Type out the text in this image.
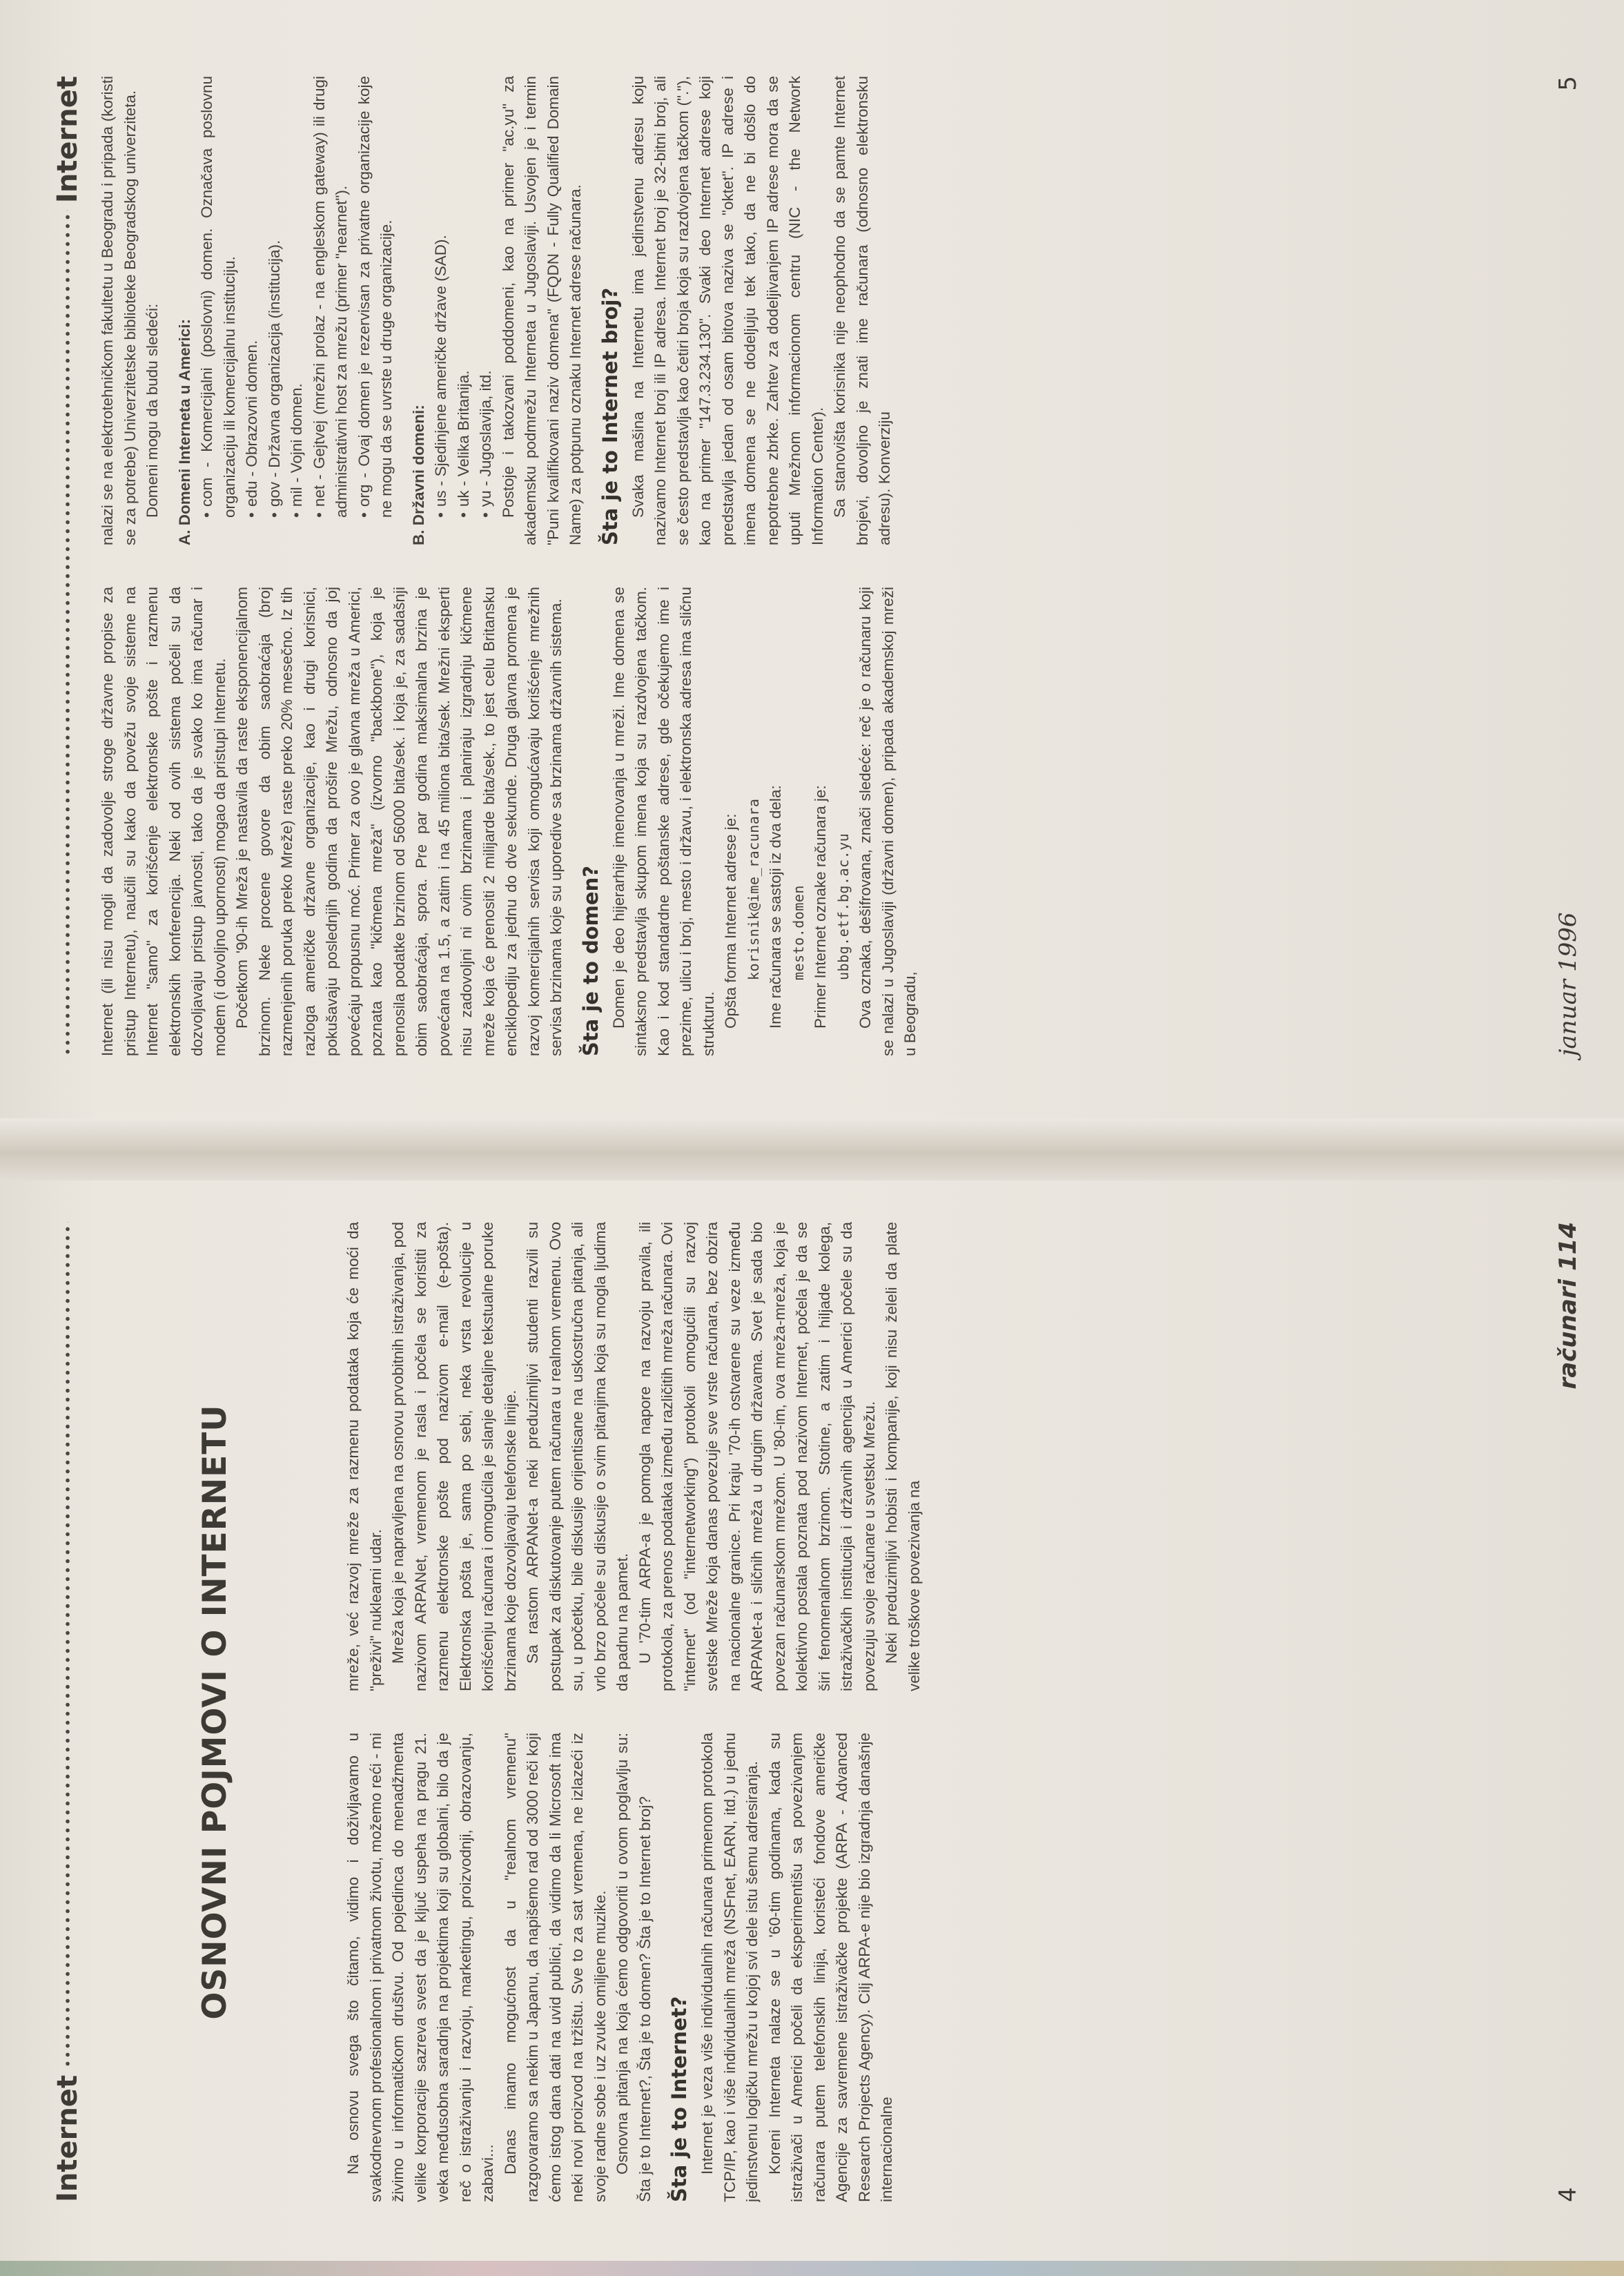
Internet
OSNOVNI POJMOVI O INTERNETU	Na osnovu svega što čitamo, vidimo i doživljavamo u svakodnevnom profesionalnom i privatnom životu, možemo reći - mi živimo u informatičkom društvu. Od pojedinca do menadžmenta velike korporacije sazreva svest da je ključ uspeha na pragu 21. veka međusobna saradnja na projektima koji su globalni, bilo da je reč o istraživanju i razvoju, marketingu, proizvodnji, obrazovanju, zabavi... Danas imamo mogućnost da u "realnom vremenu" razgovaramo sa nekim u Japanu, da napišemo rad od 3000 reči koji ćemo istog dana dati na uvid publici, da vidimo da li Microsoft ima neki novi proizvod na tržištu. Sve to za sat vremena, ne izlazeći iz svoje radne sobe i uz zvuke omiljene muzike. Osnovna pitanja na koja ćemo odgovoriti u ovom poglavlju su: Šta je to Internet?, Šta je to domen? Šta je to Internet broj? Šta je to Internet? Internet je veza više individualnih računara primenom protokola TCP/IP, kao i više individualnih mreža (NSFnet, EARN, itd.) u jednu jedinstvenu logičku mrežu u kojoj svi dele istu šemu adresiranja. Koreni Interneta nalaze se u '60-tim godinama, kada su istraživači u Americi počeli da eksperimentišu sa povezivanjem računara putem telefonskih linija, koristeći fondove američke Agencije za savremene istraživačke projekte (ARPA - Advanced Research Projects Agency). Cilj ARPA-e nije bio izgradnja današnje internacionalne

mreže, već razvoj mreže za razmenu podataka koja će moći da "preživi" nuklearni udar. Mreža koja je napravljena na osnovu prvobitnih istraživanja, pod nazivom ARPANet, vremenom je rasla i počela se koristiti za razmenu elektronske pošte pod nazivom e-mail (e-pošta). Elektronska pošta je, sama po sebi, neka vrsta revolucije u korišćenju računara i omogućila je slanje detaljne tekstualne poruke brzinama koje dozvoljavaju telefonske linije. Sa rastom ARPANet-a neki preduzimljivi studenti razvili su postupak za diskutovanje putem računara u realnom vremenu. Ovo su, u početku, bile diskusije orijentisane na uskostručna pitanja, ali vrlo brzo počele su diskusije o svim pitanjima koja su mogla ljudima da padnu na pamet. U '70-tim ARPA-a je pomogla napore na razvoju pravila, ili protokola, za prenos podataka između različitih mreža računara. Ovi "internet" (od "internetworking") protokoli omogućili su razvoj svetske Mreže koja danas povezuje sve vrste računara, bez obzira na nacionalne granice. Pri kraju '70-ih ostvarene su veze između ARPANet-a i sličnih mreža u drugim državama. Svet je sada bio povezan računarskom mrežom. U '80-im, ova mreža-mreža, koja je kolektivno postala poznata pod nazivom Internet, počela je da se širi fenomenalnom brzinom. Stotine, a zatim i hiljade kolega, istraživačkih institucija i državnih agencija u Americi počele su da povezuju svoje računare u svetsku Mrežu. Neki preduzimljivi hobisti i kompanije, koji nisu želeli da plate velike troškove povezivanja na

4
računari 114
Internet

Internet (ili nisu mogli da zadovolje stroge državne propise za pristup Internetu), naučili su kako da povežu svoje sisteme na Internet "samo" za korišćenje elektronske pošte i razmenu elektronskih konferencija. Neki od ovih sistema počeli su da dozvoljavaju pristup javnosti, tako da je svako ko ima računar i modem (i dovoljno upornosti) mogao da pristupi Internetu. Početkom '90-ih Mreža je nastavila da raste eksponencijalnom brzinom. Neke procene govore da obim saobraćaja (broj razmenjenih poruka preko Mreže) raste preko 20% mesečno. Iz tih razloga američke državne organizacije, kao i drugi korisnici, pokušavaju poslednjih godina da proširе Mrežu, odnosno da joj povećaju propusnu moć. Primer za ovo je glavna mreža u Americi, poznata kao "kičmena mreža" (izvorno "backbone"), koja je prenosila podatke brzinom od 56000 bita/sek. i koja je, za sadašnji obim saobraćaja, spora. Pre par godina maksimalna brzina je povećana na 1.5, a zatim i na 45 miliona bita/sek. Mrežni eksperti nisu zadovoljni ni ovim brzinama i planiraju izgradnju kičmene mreže koja će prenositi 2 milijarde bita/sek., to jest celu Britansku enciklopediju za jednu do dve sekunde. Druga glavna promena je razvoj komercijalnih servisa koji omogućavaju korišćenje mrežnih servisa brzinama koje su uporedive sa brzinama državnih sistema. Šta je to domen? Domen je deo hijerarhije imenovanja u mreži. Ime domena se sintaksno predstavlja skupom imena koja su razdvojena tačkom. Kao i kod standardne poštanske adrese, gde očekujemo ime i prezime, ulicu i broj, mesto i državu, i elektronska adresa ima sličnu strukturu. Opšta forma Internet adrese je: korisnik@ime_racunara Ime računara se sastoji iz dva dela: mesto.domen Primer Internet oznake računara je: ubbg.etf.bg.ac.yu Ova oznaka, dešifrovana, znači sledeće: reč je o računaru koji se nalazi u Jugoslaviji (državni domen), pripada akademskoj mreži u Beogradu,

nalazi se na elektrotehničkom fakultetu u Beogradu i pripada (koristi se za potrebe) Univerzitetske biblioteke Beogradskog univerziteta. Domeni mogu da budu sledeći: A. Domeni Interneta u Americi: • com - Komercijalni (poslovni) domen. Označava poslovnu organizaciju ili komercijalnu instituciju. • edu - Obrazovni domen. • gov - Državna organizacija (institucija). • mil - Vojni domen. • net - Gejtvej (mrežni prolaz - na engleskom gateway) ili drugi administrativni host za mrežu (primer "nearnet"). • org - Ovaj domen je rezervisan za privatne organizacije koje ne mogu da se uvrste u druge organizacije. B. Državni domeni: • us - Sjedinjene američke države (SAD). • uk - Velika Britanija. • yu - Jugoslavija, itd. Postoje i takozvani poddomeni, kao na primer "ac.yu" za akademsku podmrežu Interneta u Jugoslaviji. Usvojen je i termin "Puni kvalifikovani naziv domena" (FQDN - Fully Qualified Domain Name) za potpunu oznaku Internet adrese računara. Šta je to Internet broj? Svaka mašina na Internetu ima jedinstvenu adresu koju nazivamo Internet broj ili IP adresa. Internet broj je 32-bitni broj, ali se često predstavlja kao četiri broja koja su razdvojena tačkom ("."), kao na primer "147.3.234.130". Svaki deo Internet adrese koji predstavlja jedan od osam bitova naziva se "oktet". IP adrese i imena domena se ne dodeljuju tek tako, da ne bi došlo do nepotrebne zbrke. Zahtev za dodeljivanjem IP adrese mora da se uputi Mrežnom informacionom centru (NIC - the Network Information Center). Sa stanovišta korisnika nije neophodno da se pamte Internet brojevi, dovoljno je znati ime računara (odnosno elektronsku adresu). Konverziju

januar 1996
5
